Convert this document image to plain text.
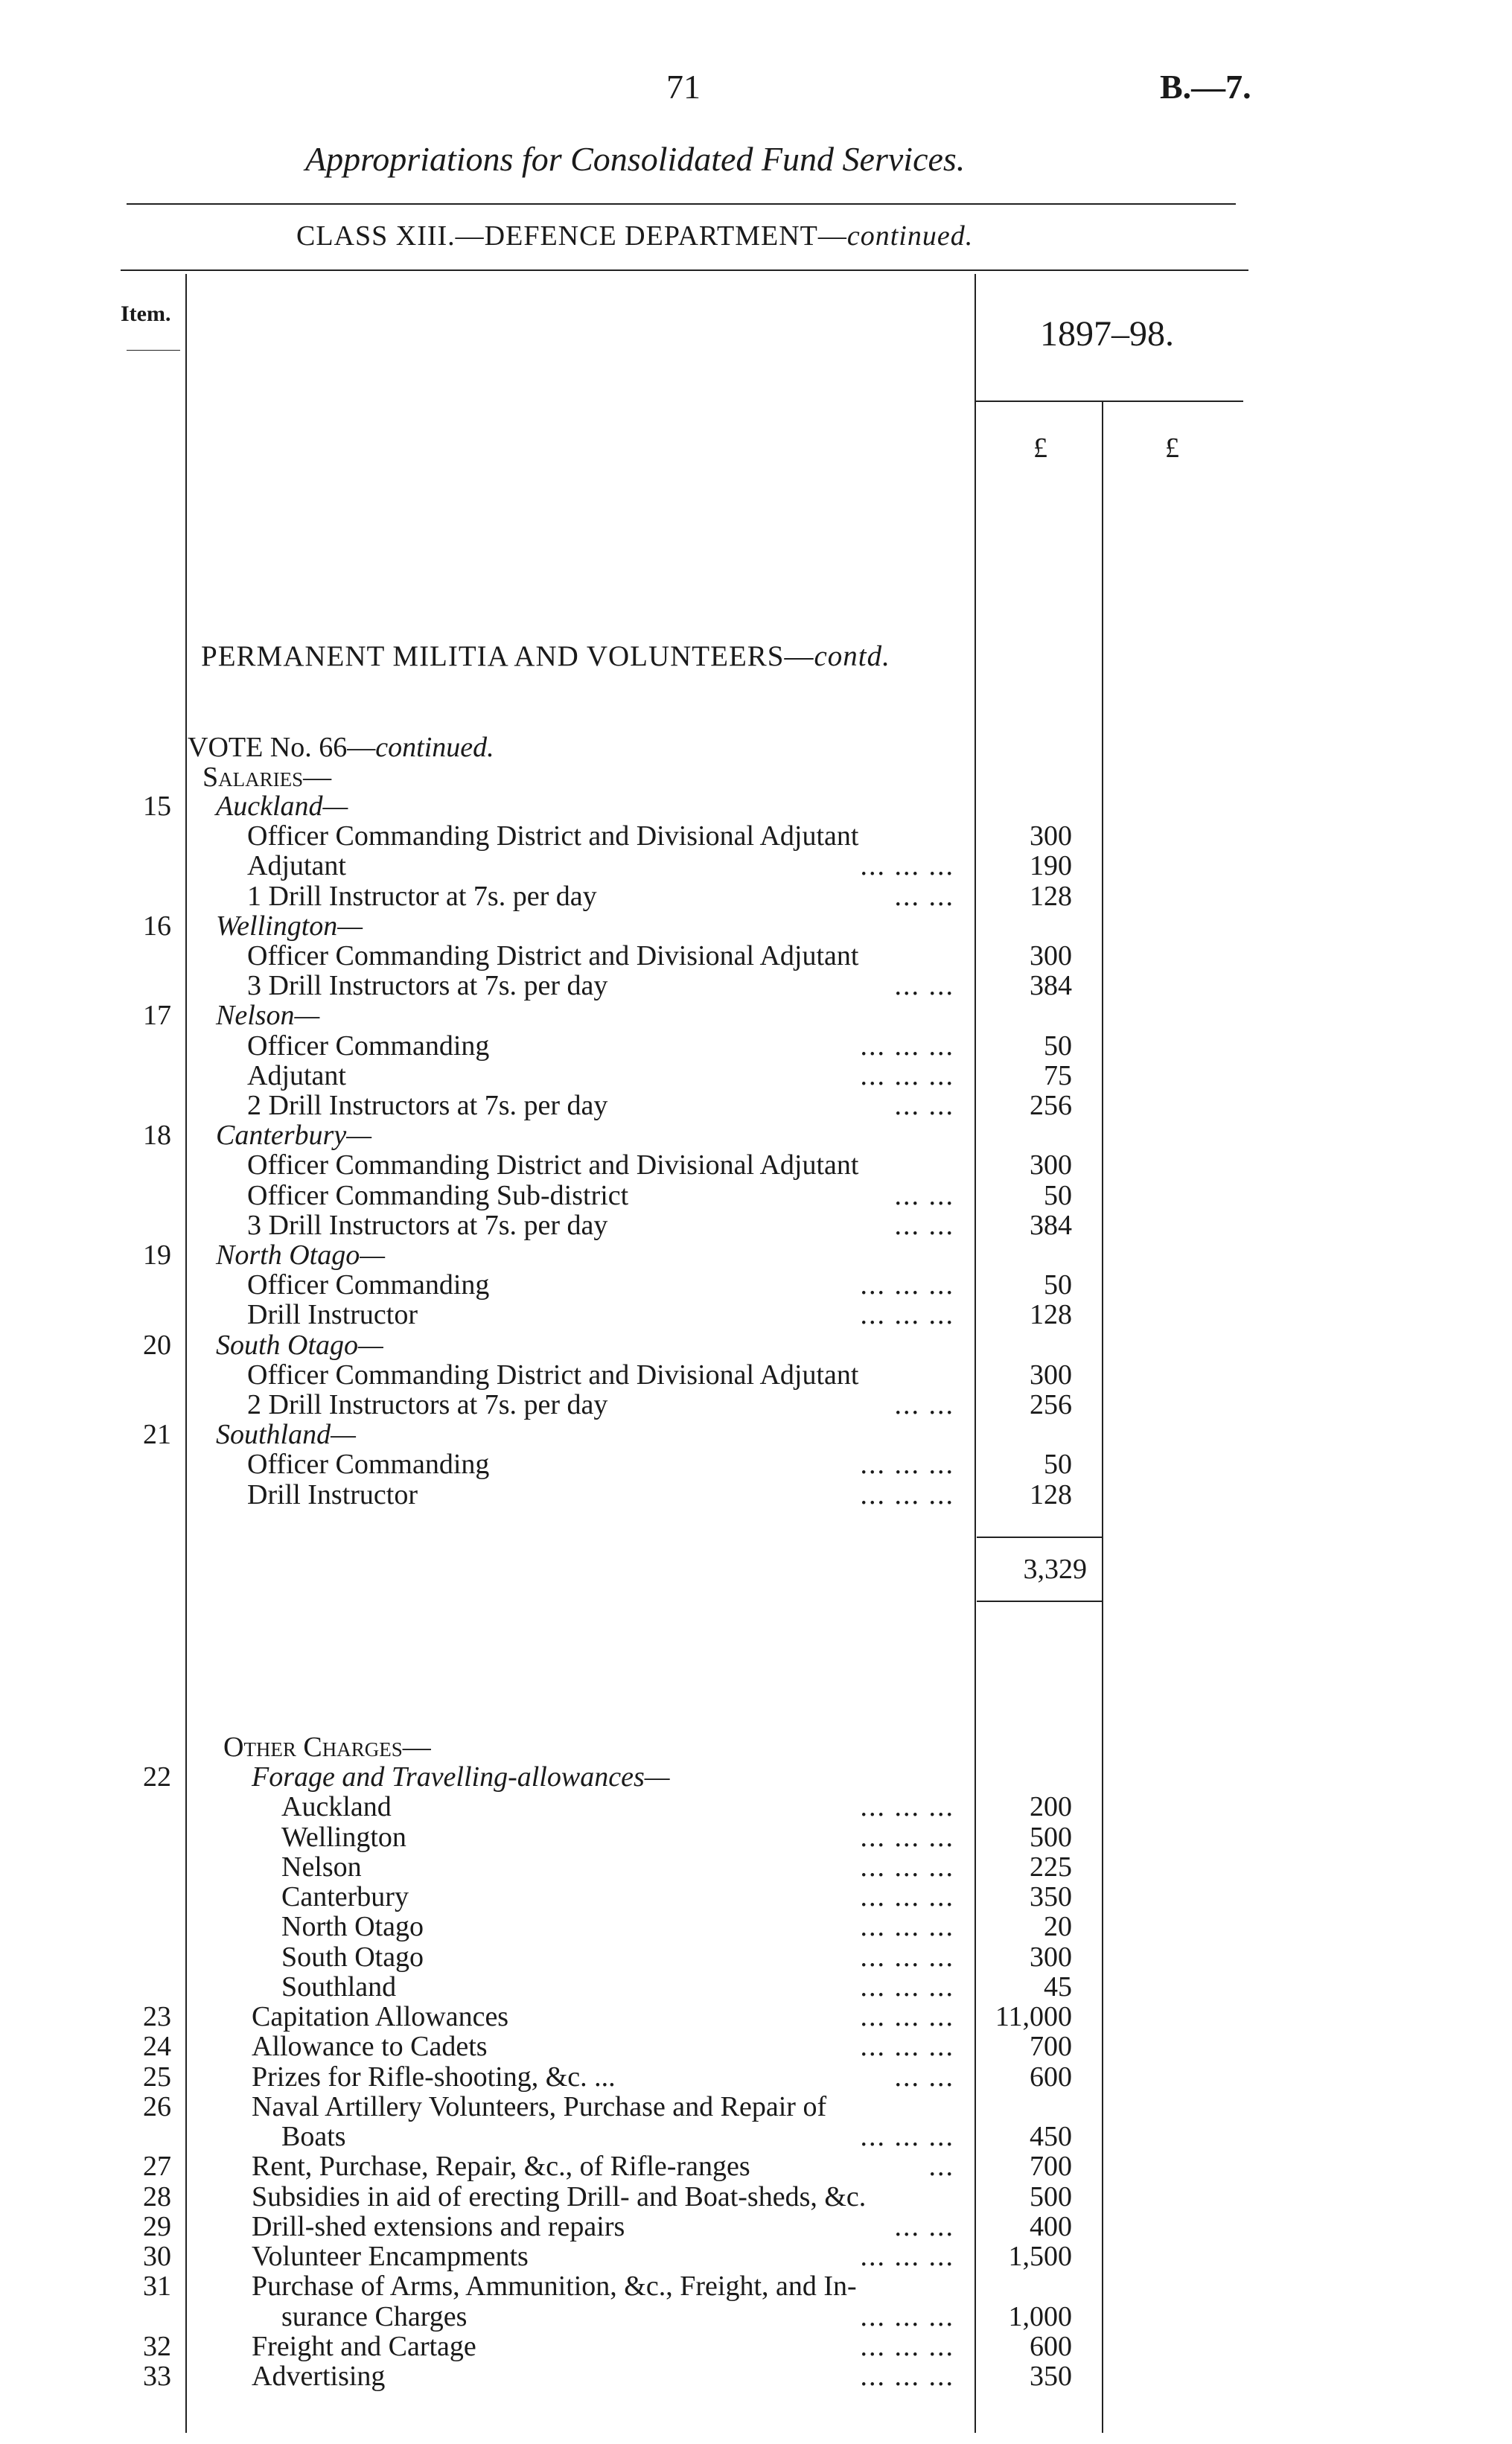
71	B.—7.
Appropriations for Consolidated Fund Services.
CLASS XIII.—DEFENCE DEPARTMENT—continued.
Item.
1897–98.
£	£
PERMANENT MILITIA AND VOLUNTEERS—contd.
VOTE No. 66—continued.
Salaries—
15 Auckland—
Officer Commanding District and Divisional Adjutant	300
Adjutant	... ... ...	190
1 Drill Instructor at 7s. per day	... ...	128
16 Wellington—
Officer Commanding District and Divisional Adjutant	300
3 Drill Instructors at 7s. per day	... ...	384
17 Nelson—
Officer Commanding	... ... ...	50
Adjutant	... ... ...	75
2 Drill Instructors at 7s. per day	... ...	256
18 Canterbury—
Officer Commanding District and Divisional Adjutant	300
Officer Commanding Sub-district	... ...	50
3 Drill Instructors at 7s. per day	... ...	384
19 North Otago—
Officer Commanding	... ... ...	50
Drill Instructor	... ... ...	128
20 South Otago—
Officer Commanding District and Divisional Adjutant	300
2 Drill Instructors at 7s. per day	... ...	256
21 Southland—
Officer Commanding	... ... ...	50
Drill Instructor	... ... ...	128
3,329
Other Charges—
22	Forage and Travelling-allowances—
Auckland	... ... ...	200
Wellington	... ... ...	500
Nelson	... ... ...	225
Canterbury	... ... ...	350
North Otago	... ... ...	20
South Otago	... ... ...	300
Southland	... ... ...	45
23	Capitation Allowances	... ... ...	11,000
24	Allowance to Cadets	... ... ...	700
25	Prizes for Rifle-shooting, &c. ...	... ...	600
26	Naval Artillery Volunteers, Purchase and Repair of
Boats	... ... ...	450
27	Rent, Purchase, Repair, &c., of Rifle-ranges	...	700
28	Subsidies in aid of erecting Drill- and Boat-sheds, &c.	500
29	Drill-shed extensions and repairs	... ...	400
30	Volunteer Encampments	... ... ...	1,500
31	Purchase of Arms, Ammunition, &c., Freight, and In-
surance Charges	... ... ...	1,000
32	Freight and Cartage	... ... ...	600
33	Advertising	... ... ...	350
